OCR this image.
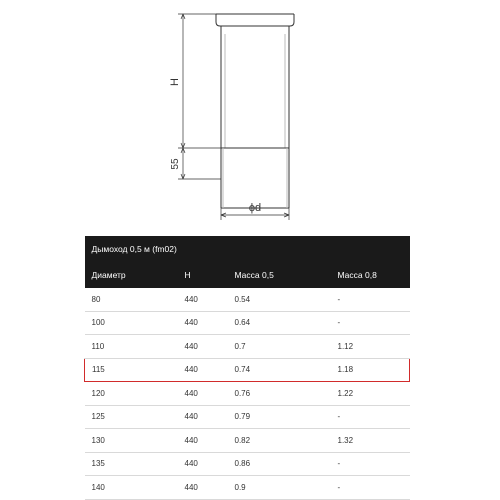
H
55
ϕd
Дымоход 0,5 м (fm02)			
Диаметр	H	Масса 0,5	Масса 0,8
80	440	0.54	-
100	440	0.64	-
110	440	0.7	1.12
115	440	0.74	1.18
120	440	0.76	1.22
125	440	0.79	-
130	440	0.82	1.32
135	440	0.86	-
140	440	0.9	-
